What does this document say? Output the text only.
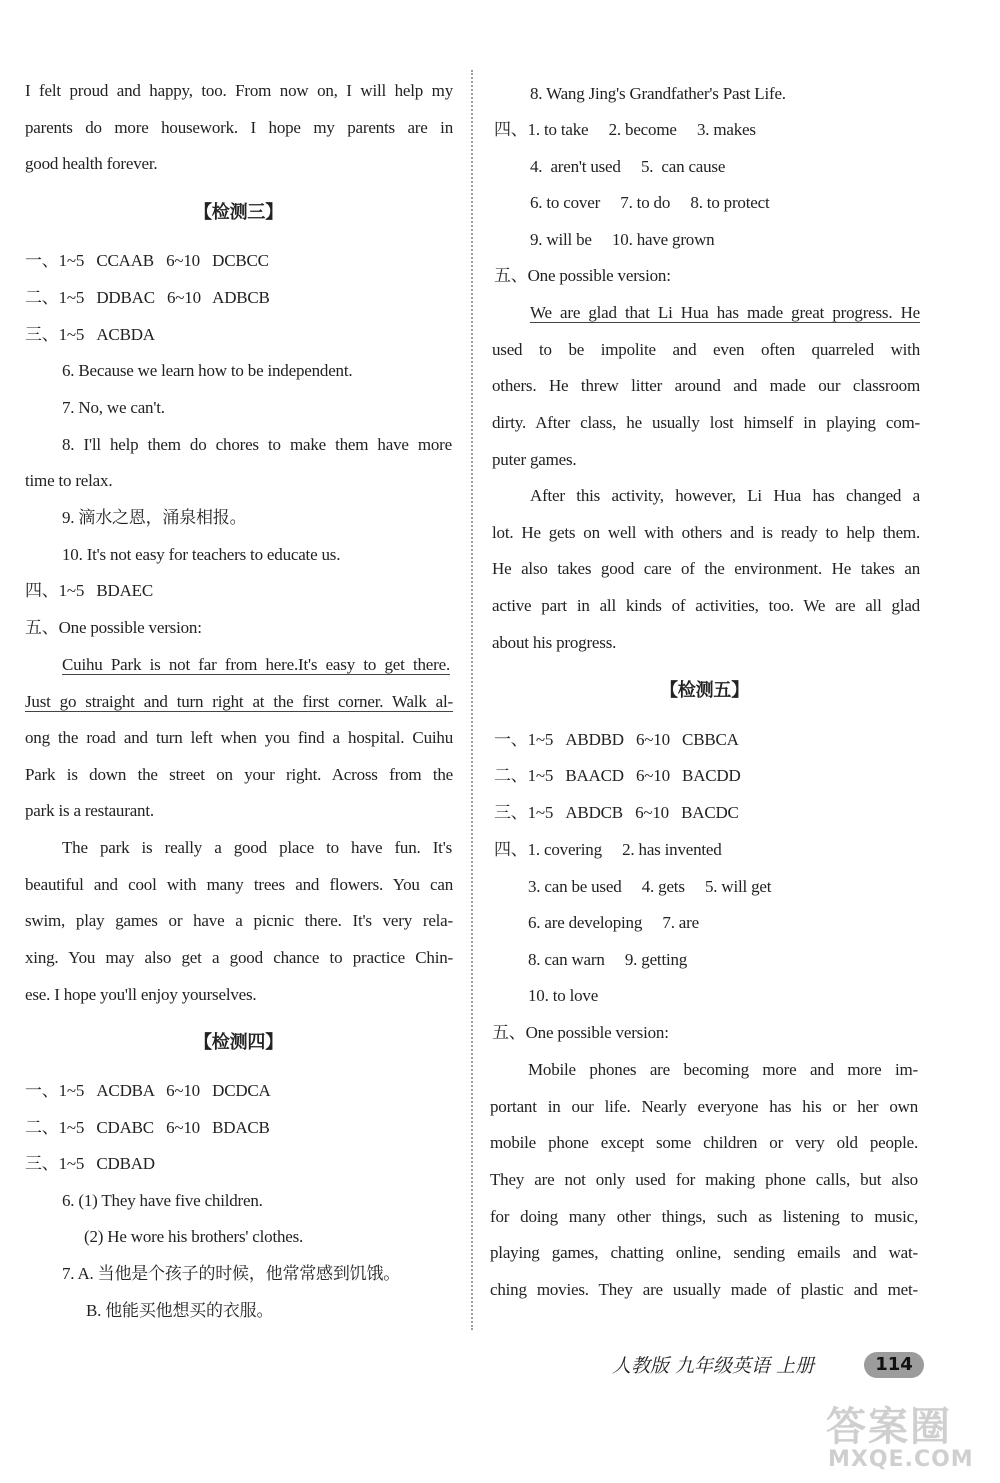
I felt proud and happy, too. From now on, I will help my
parents do more housework. I hope my parents are in
good health forever.
【检测三】
一、1~5   CCAAB   6~10   DCBCC
二、1~5   DDBAC   6~10   ADBCB
三、1~5   ACBDA
6. Because we learn how to be independent.
7. No, we can't.
8. I'll help them do chores to make them have more
time to relax.
9. 滴水之恩，涌泉相报。
10. It's not easy for teachers to educate us.
四、1~5   BDAEC
五、One possible version:
Cuihu Park is not far from here.It's easy to get there.
Just go straight and turn right at the first corner. Walk al-
ong the road and turn left when you find a hospital. Cuihu
Park is down the street on your right. Across from the
park is a restaurant.
The park is really a good place to have fun. It's
beautiful and cool with many trees and flowers. You can
swim, play games or have a picnic there. It's very rela-
xing. You may also get a good chance to practice Chin-
ese. I hope you'll enjoy yourselves.
【检测四】
一、1~5   ACDBA   6~10   DCDCA
二、1~5   CDABC   6~10   BDACB
三、1~5   CDBAD
6. (1) They have five children.
(2) He wore his brothers' clothes.
7. A. 当他是个孩子的时候，他常常感到饥饿。
B. 他能买他想买的衣服。
8. Wang Jing's Grandfather's Past Life.
四、1. to take     2. become     3. makes
4.  aren't used     5.  can cause
6. to cover     7. to do     8. to protect
9. will be     10. have grown
五、One possible version:
We are glad that Li Hua has made great progress. He
used to be impolite and even often quarreled with
others. He threw litter around and made our classroom
dirty. After class, he usually lost himself in playing com-
puter games.
After this activity, however, Li Hua has changed a
lot. He gets on well with others and is ready to help them.
He also takes good care of the environment. He takes an
active part in all kinds of activities, too. We are all glad
about his progress.
【检测五】
一、1~5   ABDBD   6~10   CBBCA
二、1~5   BAACD   6~10   BACDD
三、1~5   ABDCB   6~10   BACDC
四、1. covering     2. has invented
3. can be used     4. gets     5. will get
6. are developing     7. are
8. can warn     9. getting
10. to love
五、One possible version:
Mobile phones are becoming more and more im-
portant in our life. Nearly everyone has his or her own
mobile phone except some children or very old people.
They are not only used for making phone calls, but also
for doing many other things, such as listening to music,
playing games, chatting online, sending emails and wat-
ching movies. They are usually made of plastic and met-
人教版 九年级英语 上册	114
答案圈
MXQE.COM
